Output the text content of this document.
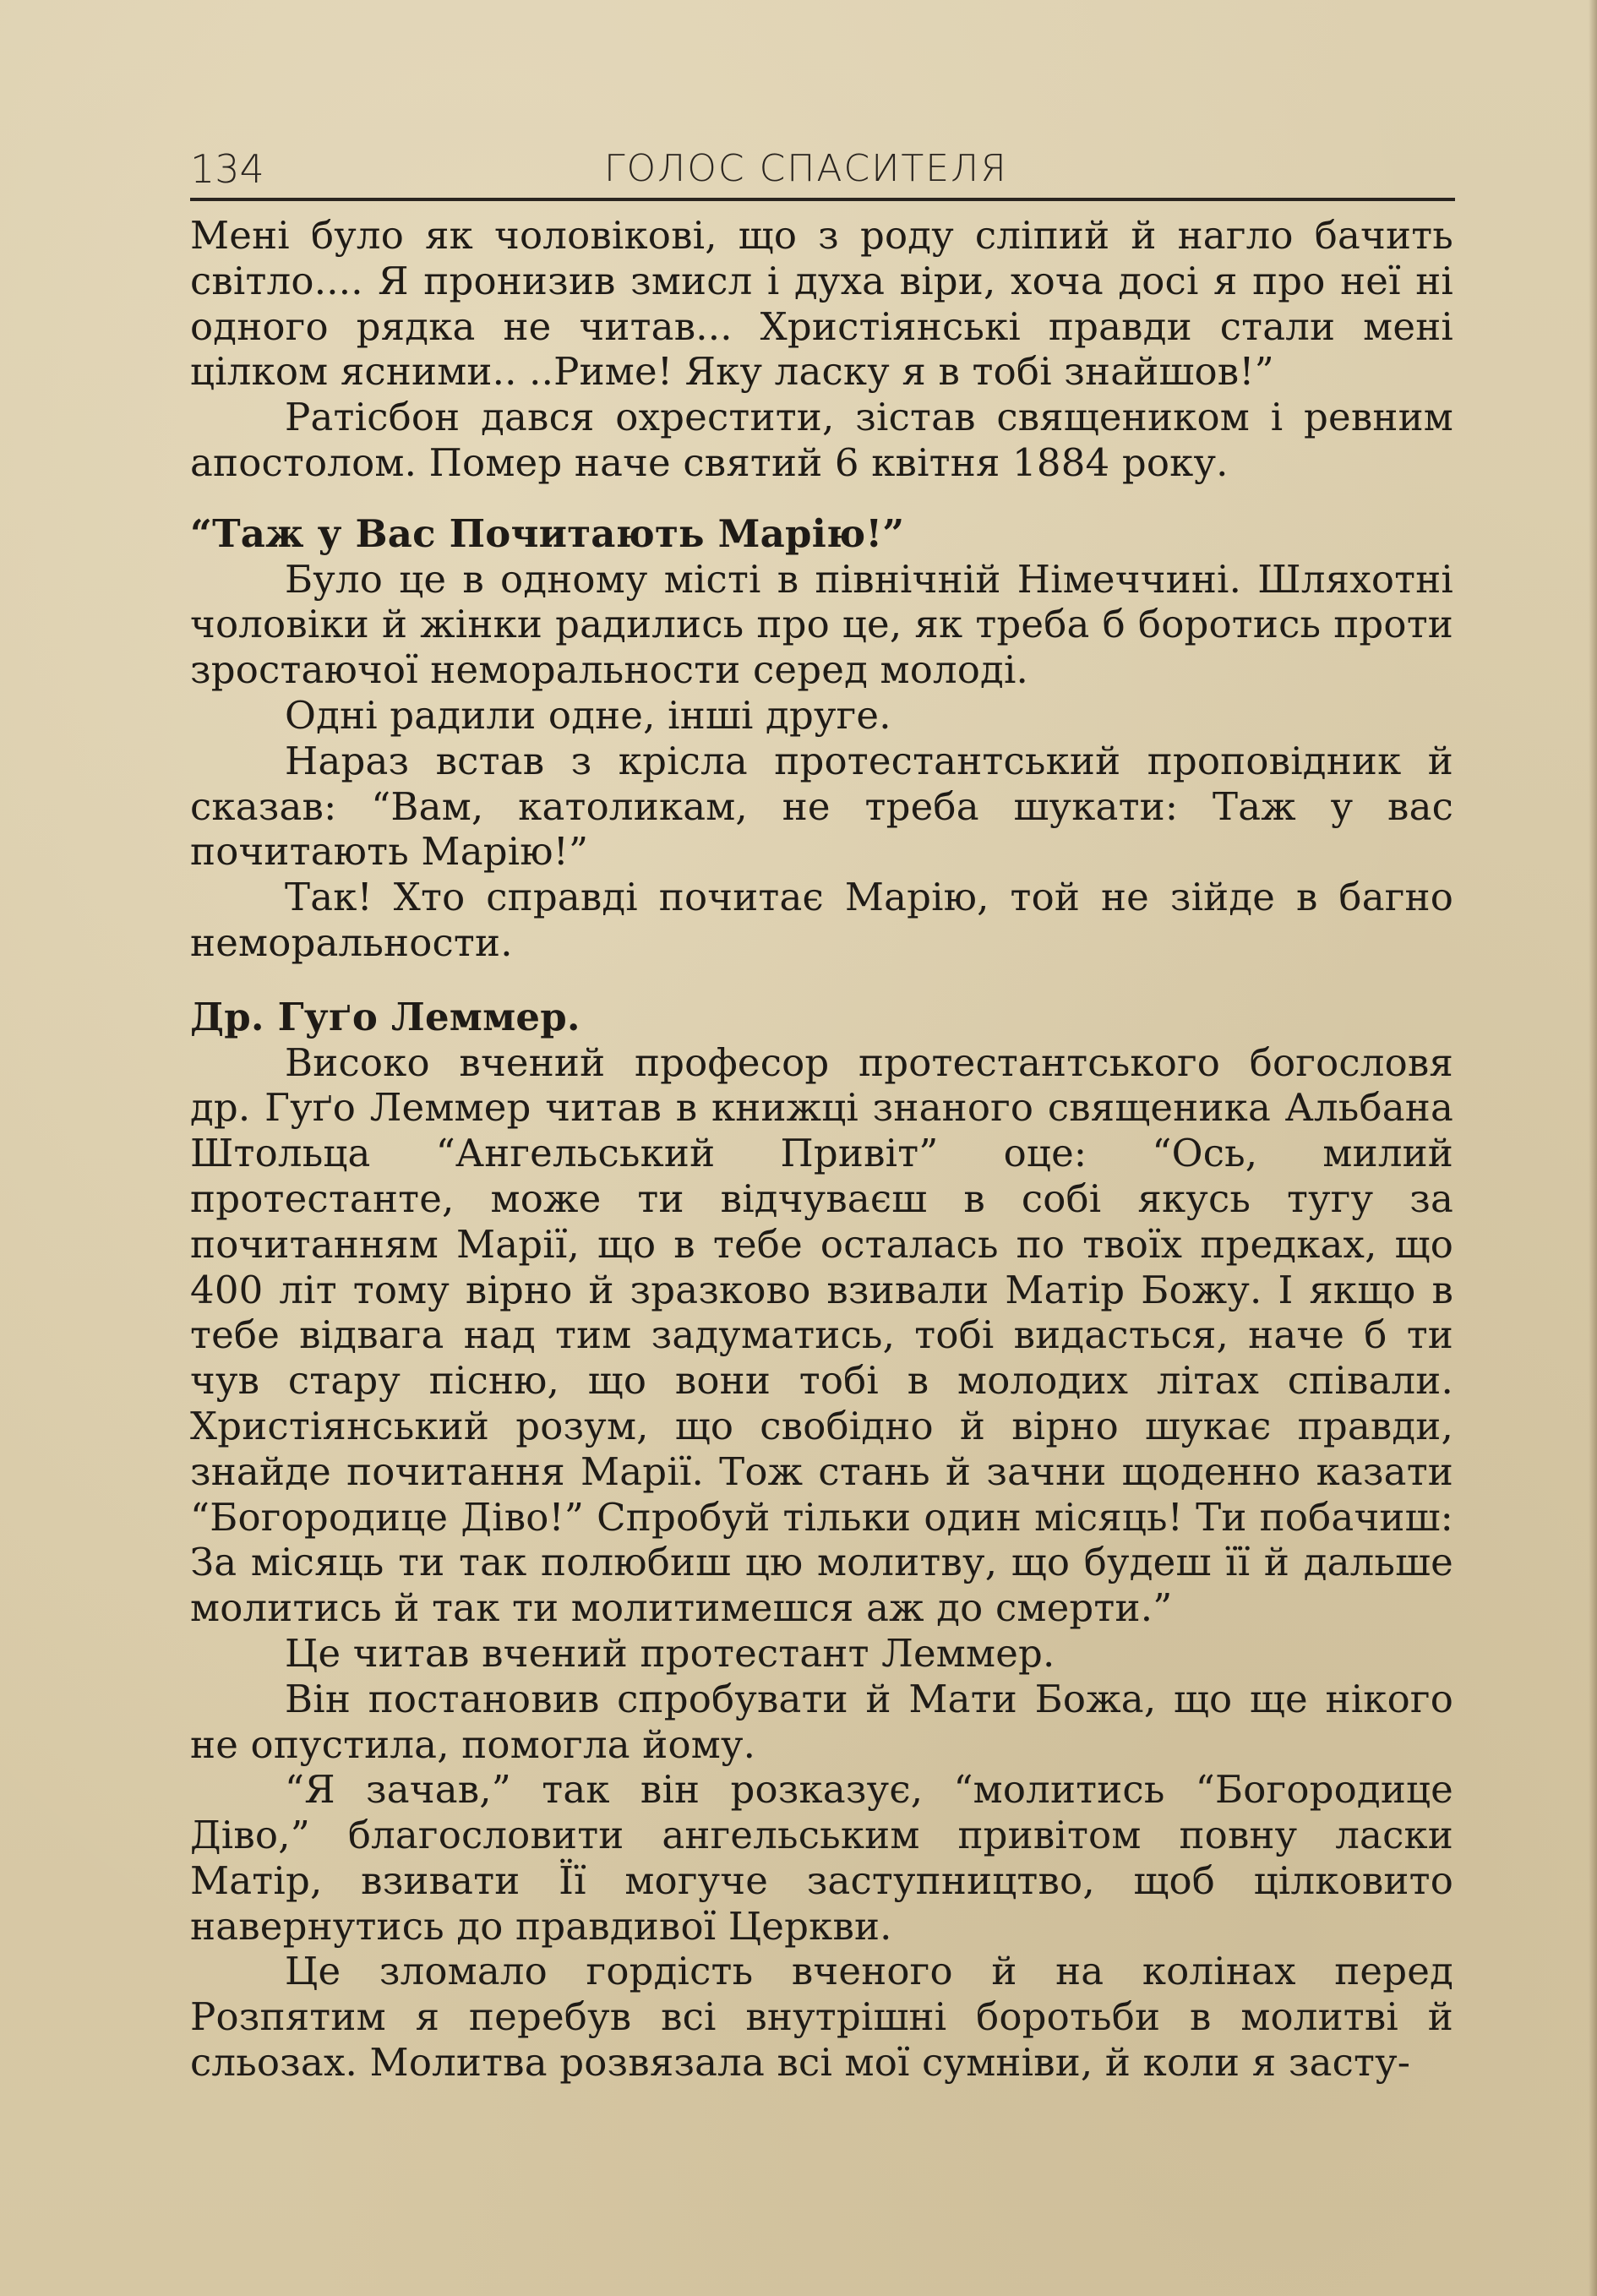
134	ГОЛОС СПАСИТЕЛЯ

Мені було як чоловікові, що з роду сліпий й нагло бачить світло.... Я пронизив змисл і духа віри, хоча досі я про неї ні одного рядка не читав... Христіянські правди стали мені цілком ясними.. ..Риме! Яку ласку я в тобі знайшов!”

Ратісбон дався охрестити, зістав священиком і ревним апостолом. Помер наче святий 6 квітня 1884 року.

“Таж у Вас Почитають Марію!”

Було це в одному місті в північній Німеччині. Шляхотні чоловіки й жінки радились про це, як треба б боротись проти зростаючої неморальности серед молоді.

Одні радили одне, інші друге.

Нараз встав з крісла протестантський проповідник й сказав: “Вам, католикам, не треба шукати: Таж у вас почитають Марію!”

Так! Хто справді почитає Марію, той не зійде в багно неморальности.

Др. Гуґо Леммер.

Високо вчений професор протестантського богословя др. Гуґо Леммер читав в книжці знаного священика Альбана Штольца “Ангельський Привіт” оце: “Ось, милий протестанте, може ти відчуваєш в собі якусь тугу за почитанням Марії, що в тебе осталась по твоїх предках, що 400 літ тому вірно й зразково взивали Матір Божу. І якщо в тебе відвага над тим задуматись, тобі видасться, наче б ти чув стару пісню, що вони тобі в молодих літах співали. Христіянський розум, що свобідно й вірно шукає правди, знайде почитання Марії. Тож стань й зачни щоденно казати “Богородице Діво!” Спробуй тільки один місяць! Ти побачиш: За місяць ти так полюбиш цю молитву, що будеш її й дальше молитись й так ти молитимешся аж до смерти.”

Це читав вчений протестант Леммер.

Він постановив спробувати й Мати Божа, що ще нікого не опустила, помогла йому.

“Я зачав,” так він розказує, “молитись “Богородице Діво,” благословити ангельським привітом повну ласки Матір, взивати Її могуче заступництво, щоб цілковито навернутись до правдивої Церкви.

Це зломало гордість вченого й на колінах перед Розпятим я перебув всі внутрішні боротьби в молитві й сльозах. Молитва розвязала всі мої сумніви, й коли я засту-
